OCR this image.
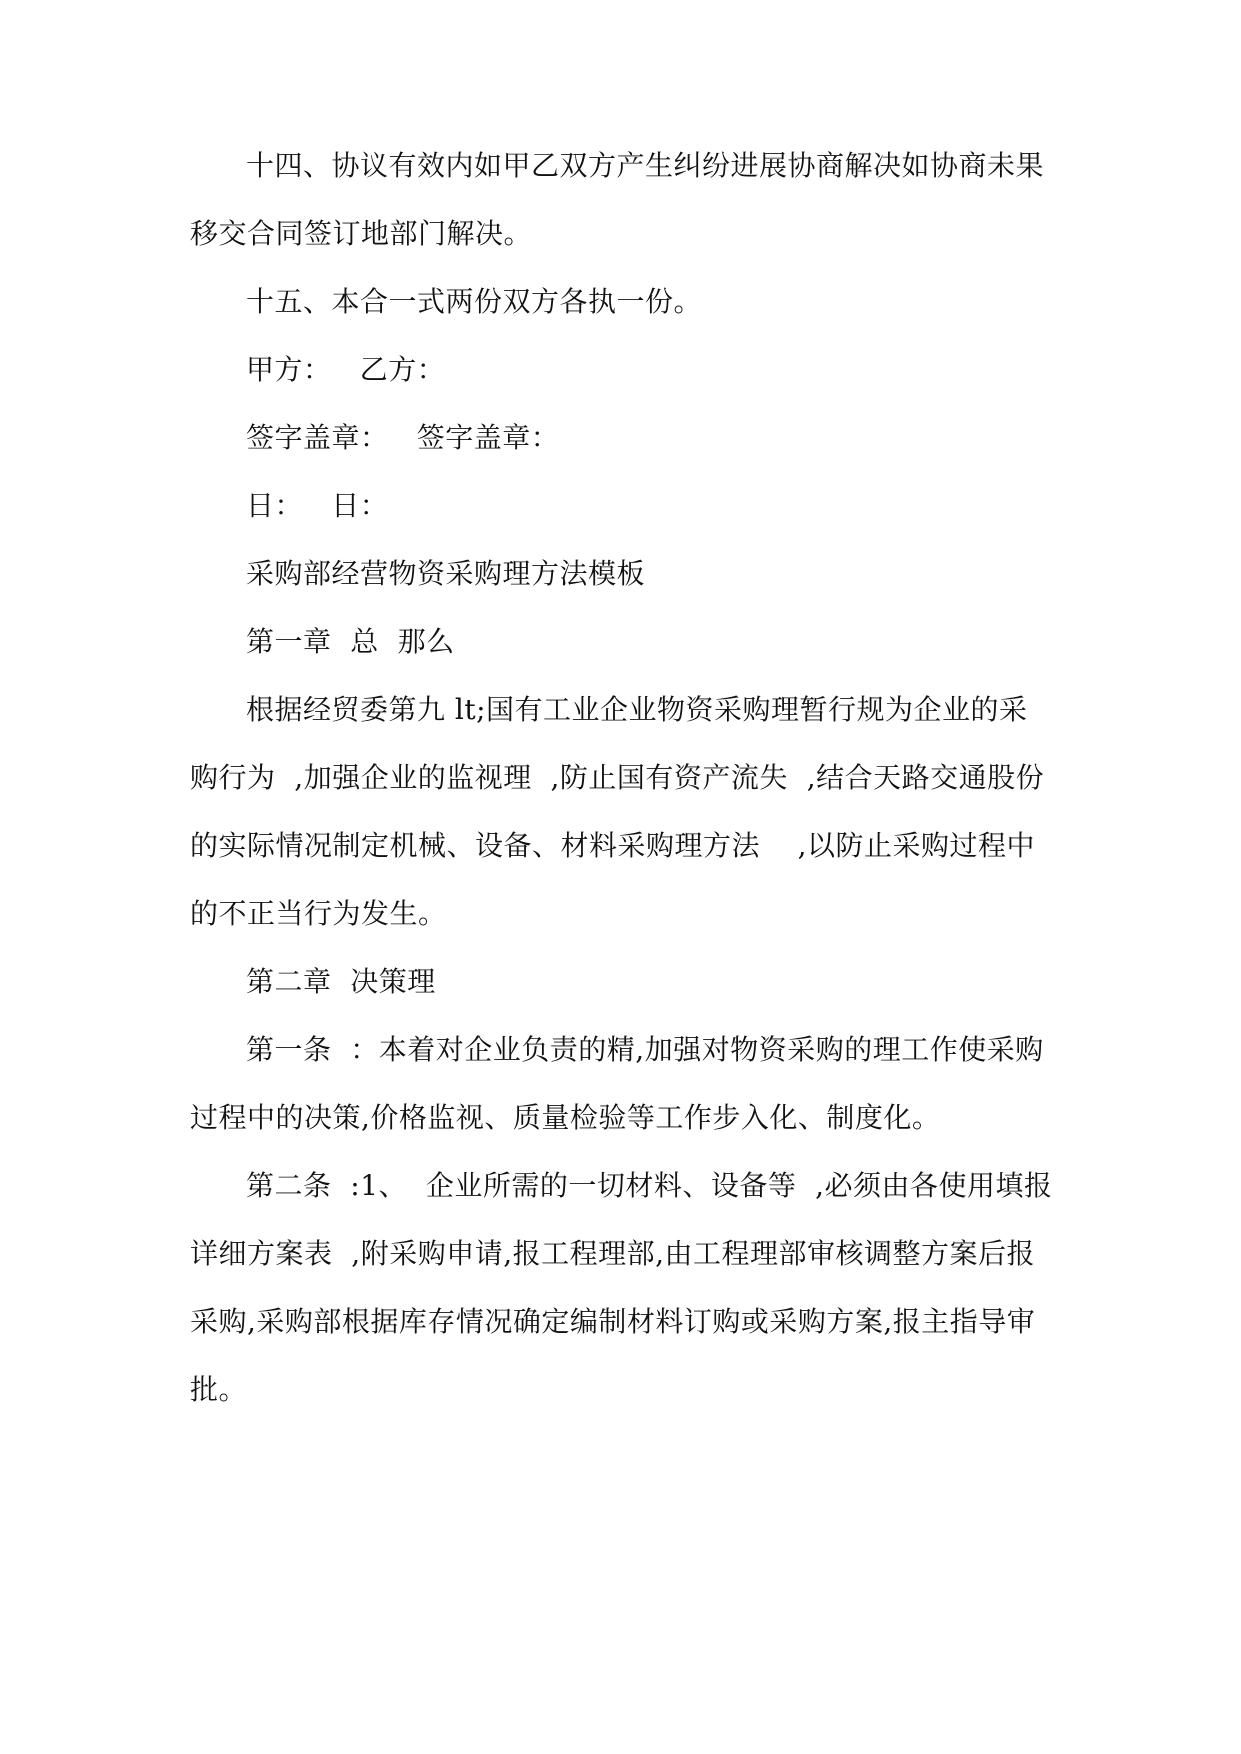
十四、协议有效内如甲乙双方产生纠纷进展协商解决如协商未果
移交合同签订地部门解决。
十五、本合一式两份双方各执一份。
甲方：   乙方：
签字盖章：   签字盖章：
日：   日：
采购部经营物资采购理方法模板
第一章  总  那么
根据经贸委第九 lt;国有工业企业物资采购理暂行规为企业的采
购行为  ,加强企业的监视理  ,防止国有资产流失  ,结合天路交通股份
的实际情况制定机械、设备、材料采购理方法    ,以防止采购过程中
的不正当行为发生。
第二章  决策理
第一条  ：本着对企业负责的精,加强对物资采购的理工作使采购
过程中的决策,价格监视、质量检验等工作步入化、制度化。
第二条  :1、  企业所需的一切材料、设备等  ,必须由各使用填报
详细方案表  ,附采购申请,报工程理部,由工程理部审核调整方案后报
采购,采购部根据库存情况确定编制材料订购或采购方案,报主指导审
批。
